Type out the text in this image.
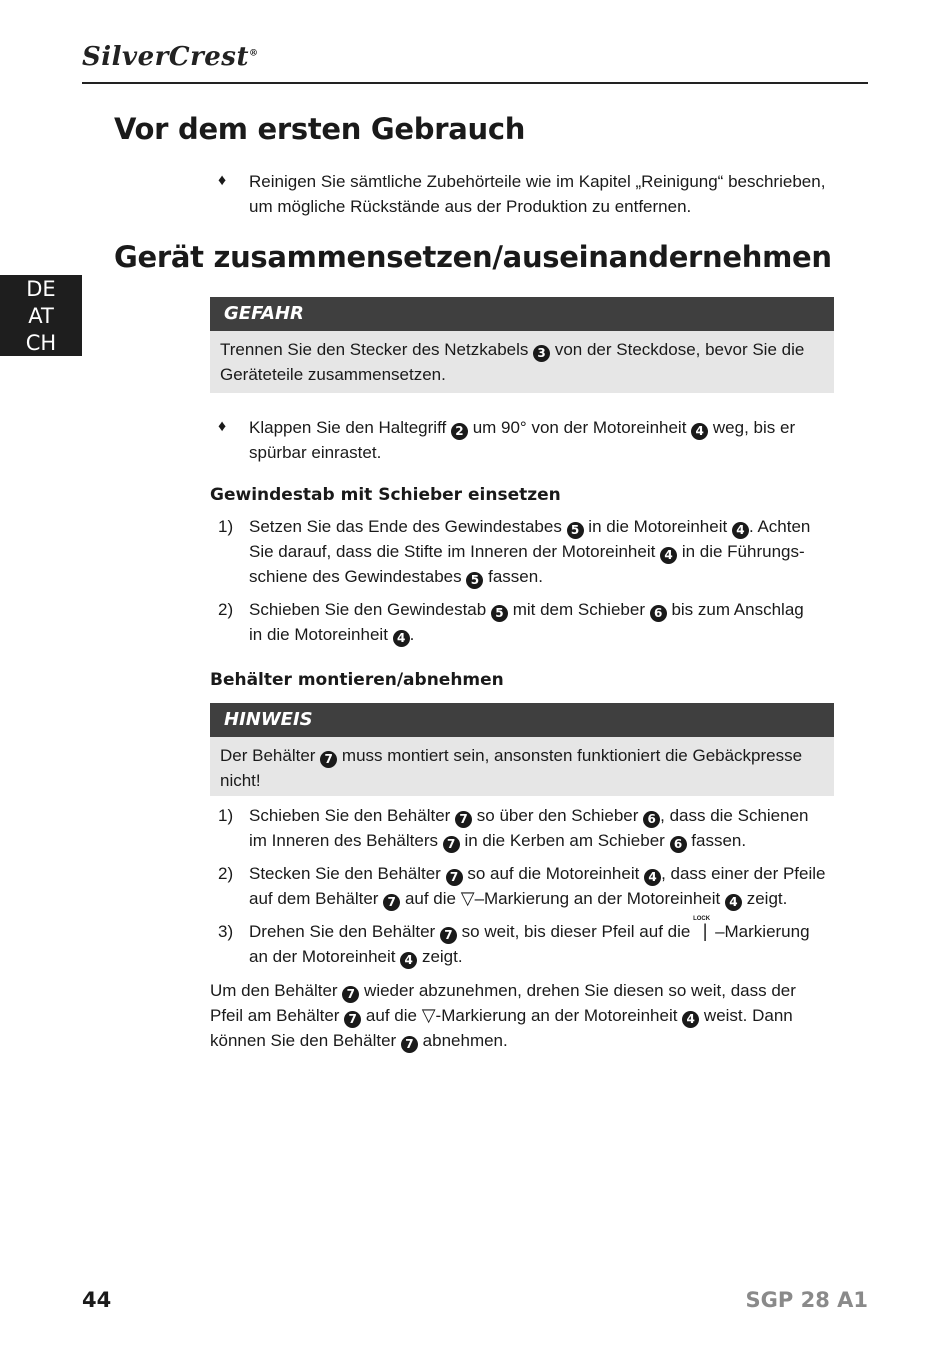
SilverCrest®
DE
AT
CH
Vor dem ersten Gebrauch
♦ Reinigen Sie sämtliche Zubehörteile wie im Kapitel „Reinigung“ beschrieben,
um mögliche Rückstände aus der Produktion zu entfernen.
Gerät zusammensetzen/auseinandernehmen
GEFAHR
Trennen Sie den Stecker des Netzkabels 3 von der Steckdose, bevor Sie die
Geräteteile zusammensetzen.
♦ Klappen Sie den Haltegriff 2 um 90° von der Motoreinheit 4 weg, bis er
spürbar einrastet.
Gewindestab mit Schieber einsetzen
1) Setzen Sie das Ende des Gewindestabes 5 in die Motoreinheit 4 . Achten
Sie darauf, dass die Stifte im Inneren der Motoreinheit 4 in die Führungs-
schiene des Gewindestabes 5 fassen.
2) Schieben Sie den Gewindestab 5 mit dem Schieber 6 bis zum Anschlag
in die Motoreinheit 4 .
Behälter montieren/abnehmen
HINWEIS
Der Behälter 7 muss montiert sein, ansonsten funktioniert die Gebäckpresse
nicht!
1) Schieben Sie den Behälter 7 so über den Schieber 6 , dass die Schienen
im Inneren des Behälters 7 in die Kerben am Schieber 6 fassen.
2) Stecken Sie den Behälter 7 so auf die Motoreinheit 4 , dass einer der Pfeile
auf dem Behälter 7 auf die ▽–Markierung an der Motoreinheit 4 zeigt.
3) Drehen Sie den Behälter 7 so weit, bis dieser Pfeil auf die
LOCK
| –Markierung
an der Motoreinheit 4 zeigt.
Um den Behälter 7 wieder abzunehmen, drehen Sie diesen so weit, dass der
Pfeil am Behälter 7 auf die ▽-Markierung an der Motoreinheit 4 weist. Dann
können Sie den Behälter 7 abnehmen.
44	SGP 28 A1
